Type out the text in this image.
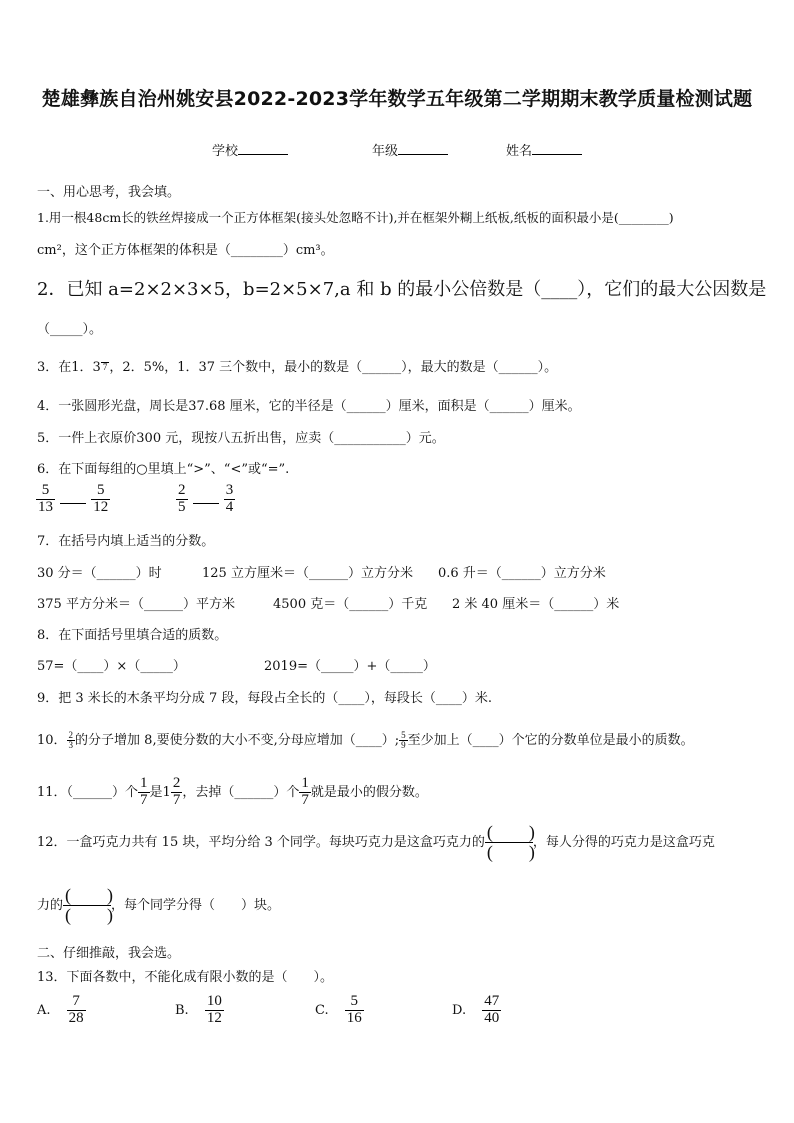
楚雄彝族自治州姚安县2022-2023学年数学五年级第二学期期末教学质量检测试题
学校	年级	姓名
一、用心思考，我会填。
1.用一根48cm长的铁丝焊接成一个正方体框架(接头处忽略不计),并在框架外糊上纸板,纸板的面积最小是(________)
cm²，这个正方体框架的体积是（________）cm³。
2．已知 a=2×2×3×5，b=2×5×7,a 和 b 的最小公倍数是（____），它们的最大公因数是
（_____）。
3．在1．3 7 ，2．5%，1．37 三个数中，最小的数是（______），最大的数是（______）。
4．一张圆形光盘，周长是37.68 厘米，它的半径是（______）厘米，面积是（______）厘米。
5．一件上衣原价300 元，现按八五折出售，应卖（___________）元。
6．在下面每组的○里填上“>”、“<”或“=”.
$\frac{5}{13}$
$\frac{5}{12}$	$\frac{2}{5}$
$\frac{3}{4}$
7．在括号内填上适当的分数。
30 分＝（______）时	125 立方厘米＝（______）立方分米 0.6 升＝（______）立方分米
375 平方分米＝（______）平方米	4500 克＝（______）千克 2 米 40 厘米＝（______）米
8．在下面括号里填合适的质数。
57=（____）×（_____）	2019=（_____）+（_____）
9．把 3 米长的木条平均分成 7 段，每段占全长的（____），每段长（____）米.
10． $\frac{2}{3}$ 的分子增加 8,要使分数的大小不变,分母应增加（____）; $\frac{5}{9}$ 至少加上（____）个它的分数单位是最小的质数。
11．（______）个 $\frac{1}{7}$ 是$1 \frac{2}{7}$ ，去掉（______）个 $\frac{1}{7}$ 就是最小的假分数。
12．一盒巧克力共有 15 块，平均分给 3 个同学。每块巧克力是这盒巧克力的 $\frac{( )}{( )}$ ，每人分得的巧克力是这盒巧克
力的 $\frac{( )}{( )}$ ，每个同学分得（　　）块。
二、仔细推敲，我会选。
13．下面各数中，不能化成有限小数的是（　　）。
A. $\frac{7}{28}$	B. $\frac{10}{12}$	C. $\frac{5}{16}$	D. $\frac{47}{40}$
